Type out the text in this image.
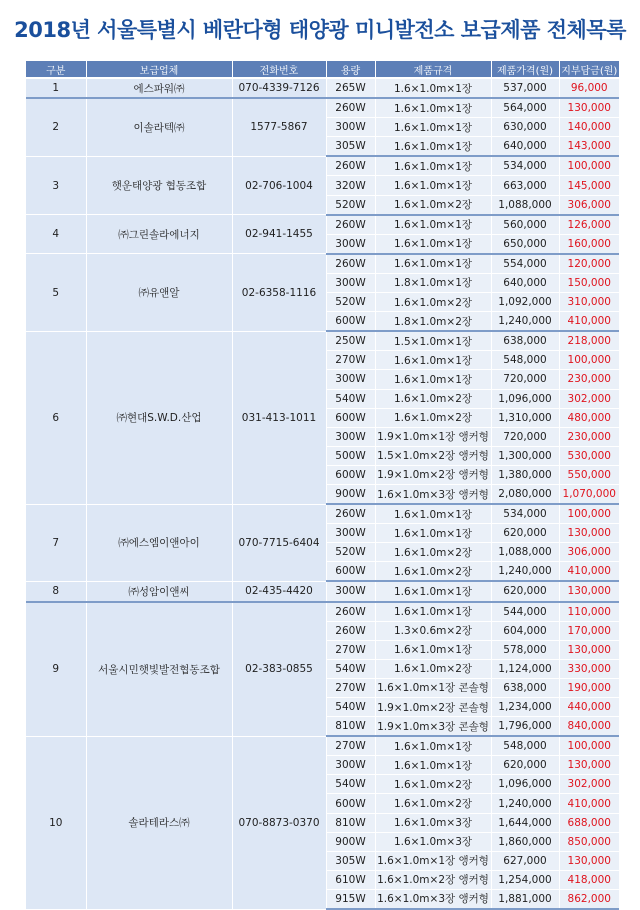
2018년 서울특별시 베란다형 태양광 미니발전소 보급제품 전체목록
구분	보급업체	전화번호	용량	제품규격	제품가격(원)	지부담금(원)
1	에스파워㈜	070-4339-7126	265W	1.6×1.0m×1장	537,000	96,000
2	이솔라텍㈜	1577-5867	260W	1.6×1.0m×1장	564,000	130,000
			300W	1.6×1.0m×1장	630,000	140,000
			305W	1.6×1.0m×1장	640,000	143,000
3	햇운태양광 협동조합	02-706-1004	260W	1.6×1.0m×1장	534,000	100,000
			320W	1.6×1.0m×1장	663,000	145,000
			520W	1.6×1.0m×2장	1,088,000	306,000
4	㈜그린솔라에너지	02-941-1455	260W	1.6×1.0m×1장	560,000	126,000
			300W	1.6×1.0m×1장	650,000	160,000
5	㈜유앤알	02-6358-1116	260W	1.6×1.0m×1장	554,000	120,000
			300W	1.8×1.0m×1장	640,000	150,000
			520W	1.6×1.0m×2장	1,092,000	310,000
			600W	1.8×1.0m×2장	1,240,000	410,000
6	㈜현대S.W.D.산업	031-413-1011	250W	1.5×1.0m×1장	638,000	218,000
			270W	1.6×1.0m×1장	548,000	100,000
			300W	1.6×1.0m×1장	720,000	230,000
			540W	1.6×1.0m×2장	1,096,000	302,000
			600W	1.6×1.0m×2장	1,310,000	480,000
			300W	1.9×1.0m×1장 앵커형	720,000	230,000
			500W	1.5×1.0m×2장 앵커형	1,300,000	530,000
			600W	1.9×1.0m×2장 앵커형	1,380,000	550,000
			900W	1.6×1.0m×3장 앵커형	2,080,000	1,070,000
7	㈜에스엠이앤아이	070-7715-6404	260W	1.6×1.0m×1장	534,000	100,000
			300W	1.6×1.0m×1장	620,000	130,000
			520W	1.6×1.0m×2장	1,088,000	306,000
			600W	1.6×1.0m×2장	1,240,000	410,000
8	㈜성암이앤씨	02-435-4420	300W	1.6×1.0m×1장	620,000	130,000
9	서울시민햇빛발전협동조합	02-383-0855	260W	1.6×1.0m×1장	544,000	110,000
			260W	1.3×0.6m×2장	604,000	170,000
			270W	1.6×1.0m×1장	578,000	130,000
			540W	1.6×1.0m×2장	1,124,000	330,000
			270W	1.6×1.0m×1장 콘솔형	638,000	190,000
			540W	1.9×1.0m×2장 콘솔형	1,234,000	440,000
			810W	1.9×1.0m×3장 콘솔형	1,796,000	840,000
10	솔라테라스㈜	070-8873-0370	270W	1.6×1.0m×1장	548,000	100,000
			300W	1.6×1.0m×1장	620,000	130,000
			540W	1.6×1.0m×2장	1,096,000	302,000
			600W	1.6×1.0m×2장	1,240,000	410,000
			810W	1.6×1.0m×3장	1,644,000	688,000
			900W	1.6×1.0m×3장	1,860,000	850,000
			305W	1.6×1.0m×1장 앵커형	627,000	130,000
			610W	1.6×1.0m×2장 앵커형	1,254,000	418,000
			915W	1.6×1.0m×3장 앵커형	1,881,000	862,000
